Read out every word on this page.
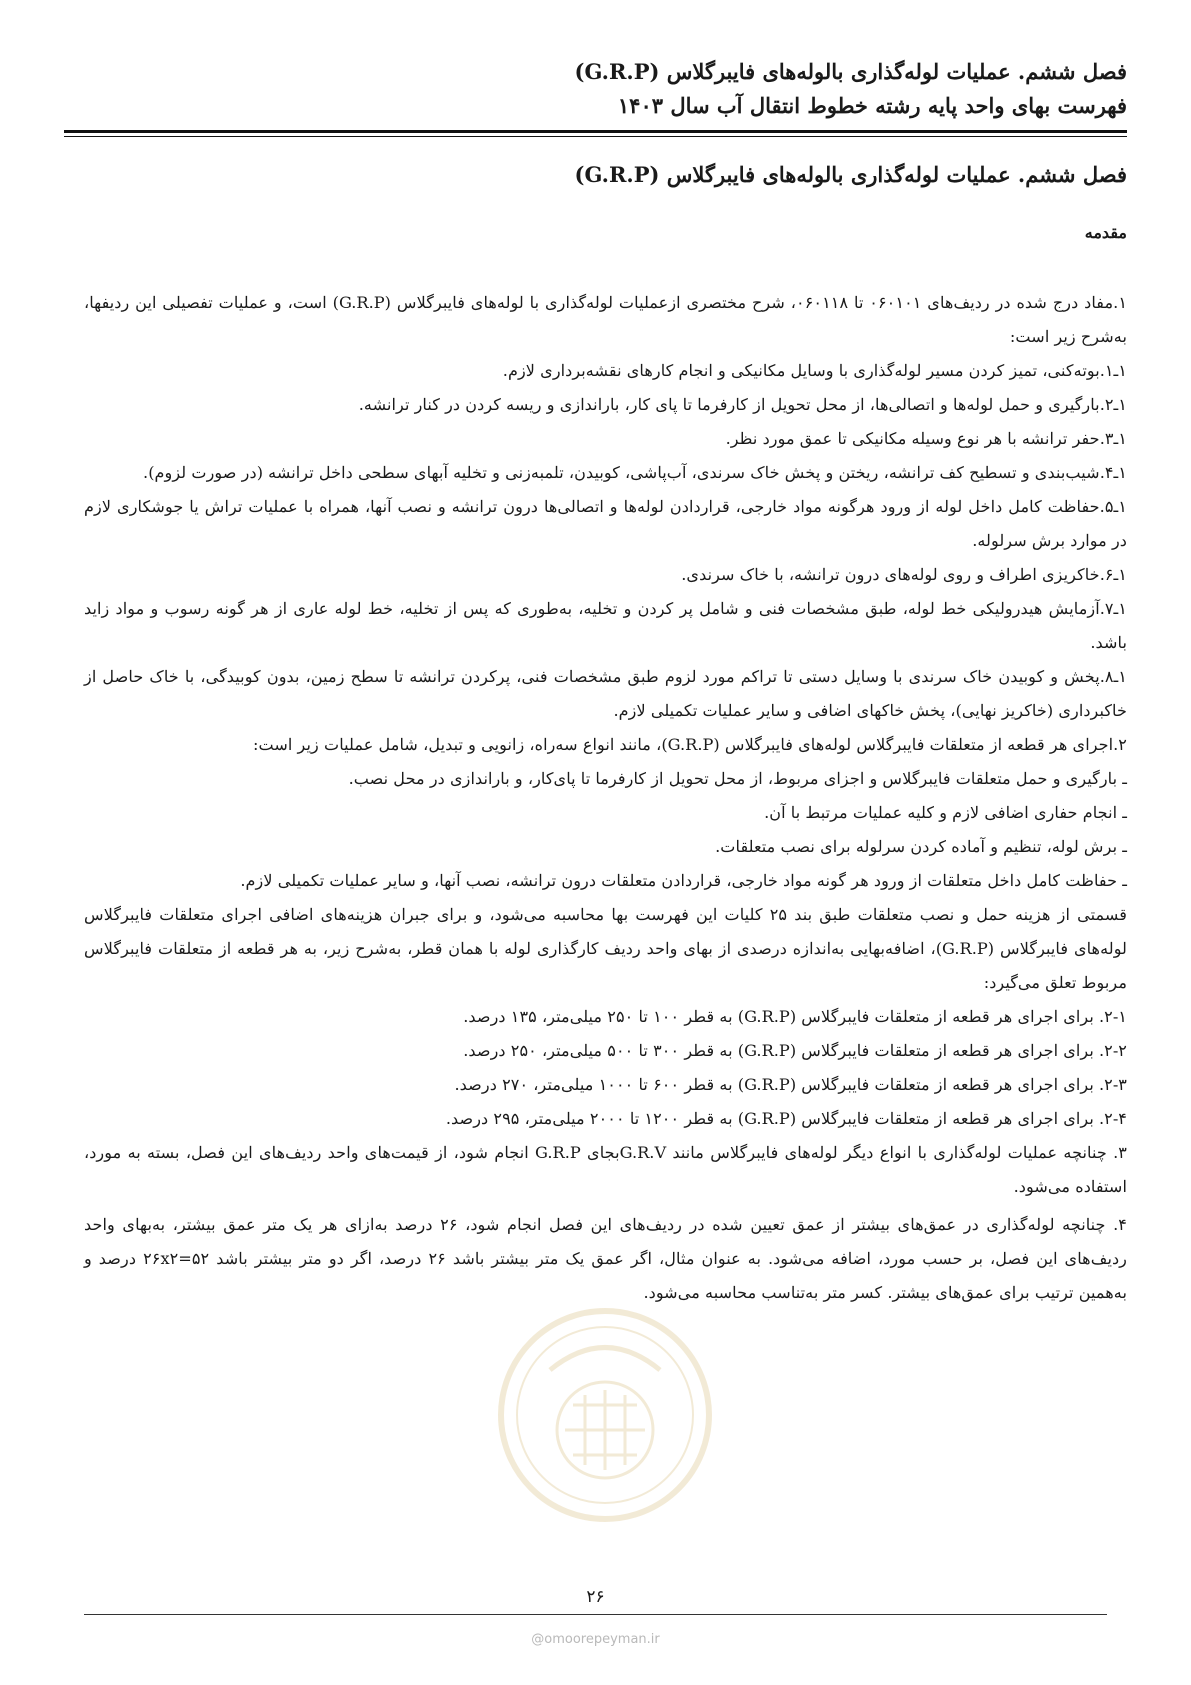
فصل ششم. عملیات لوله‌گذاری بالوله‌های فایبرگلاس (G.R.P)
فهرست بهای واحد پایه رشته خطوط انتقال آب سال ۱۴۰۳
فصل ششم. عملیات لوله‌گذاری بالوله‌های فایبرگلاس (G.R.P)
مقدمه

۱.مفاد درج شده در ردیف‌های ۰۶۰۱۰۱ تا ۰۶۰۱۱۸، شرح مختصری ازعملیات لوله‌گذاری با لوله‌های فایبرگلاس (G.R.P) است، و عملیات تفصیلی این ردیفها، به‌شرح زیر است:

۱ـ۱.بوته‌کنی، تمیز کردن مسیر لوله‌گذاری با وسایل مکانیکی و انجام کارهای نقشه‌برداری لازم.

۱ـ۲.بارگیری و حمل لوله‌ها و اتصالی‌ها، از محل تحویل از کارفرما تا پای کار، باراندازی و ریسه کردن در کنار ترانشه.

۱ـ۳.حفر ترانشه با هر نوع وسیله مکانیکی تا عمق مورد نظر.

۱ـ۴.شیب‌بندی و تسطیح کف ترانشه، ریختن و پخش خاک سرندی، آب‌پاشی، کوبیدن، تلمبه‌زنی و تخلیه آبهای سطحی داخل ترانشه (در صورت لزوم).

۱ـ۵.حفاظت کامل داخل لوله از ورود هرگونه مواد خارجی، قراردادن لوله‌ها و اتصالی‌ها درون ترانشه و نصب آنها، همراه با عملیات تراش یا جوشکاری لازم در موارد برش سرلوله.

۱ـ۶.خاکریزی اطراف و روی لوله‌های درون ترانشه، با خاک سرندی.

۱ـ۷.آزمایش هیدرولیکی خط لوله، طبق مشخصات فنی و شامل پر کردن و تخلیه، به‌طوری که پس از تخلیه، خط لوله عاری از هر گونه رسوب و مواد زاید باشد.

۱ـ۸.پخش و کوبیدن خاک سرندی با وسایل دستی تا تراکم مورد لزوم طبق مشخصات فنی، پرکردن ترانشه تا سطح زمین، بدون کوبیدگی، با خاک حاصل از خاکبرداری (خاکریز نهایی)، پخش خاکهای اضافی و سایر عملیات تکمیلی لازم.

۲.اجرای هر قطعه از متعلقات فایبرگلاس لوله‌های فایبرگلاس (G.R.P)، مانند انواع سه‌راه، زانویی و تبدیل، شامل عملیات زیر است:

ـ بارگیری و حمل متعلقات فایبرگلاس و اجزای مربوط، از محل تحویل از کارفرما تا پای‌کار، و باراندازی در محل نصب.

ـ انجام حفاری اضافی لازم و کلیه عملیات مرتبط با آن.

ـ برش لوله، تنظیم و آماده کردن سرلوله برای نصب متعلقات.

ـ حفاظت کامل داخل متعلقات از ورود هر گونه مواد خارجی، قراردادن متعلقات درون ترانشه، نصب آنها، و سایر عملیات تکمیلی لازم.

قسمتی از هزینه حمل و نصب متعلقات طبق بند ۲۵ کلیات این فهرست بها محاسبه می‌شود، و برای جبران هزینه‌های اضافی اجرای متعلقات فایبرگلاس لوله‌های فایبرگلاس (G.R.P)، اضافه‌بهایی به‌اندازه درصدی از بهای واحد ردیف کارگذاری لوله با همان قطر، به‌شرح زیر، به هر قطعه از متعلقات فایبرگلاس مربوط تعلق می‌گیرد:

۲-۱. برای اجرای هر قطعه از متعلقات فایبرگلاس (G.R.P) به قطر ۱۰۰ تا ۲۵۰ میلی‌متر، ۱۳۵ درصد.

۲-۲. برای اجرای هر قطعه از متعلقات فایبرگلاس (G.R.P) به قطر ۳۰۰ تا ۵۰۰ میلی‌متر، ۲۵۰ درصد.

۲-۳. برای اجرای هر قطعه از متعلقات فایبرگلاس (G.R.P) به قطر ۶۰۰ تا ۱۰۰۰ میلی‌متر، ۲۷۰ درصد.

۲-۴. برای اجرای هر قطعه از متعلقات فایبرگلاس (G.R.P) به قطر ۱۲۰۰ تا ۲۰۰۰ میلی‌متر، ۲۹۵ درصد.

۳. چنانچه عملیات لوله‌گذاری با انواع دیگر لوله‌های فایبرگلاس مانند G.R.Vبجای G.R.P انجام شود، از قیمت‌های واحد ردیف‌های این فصل، بسته به مورد، استفاده می‌شود.

۴. چنانچه لوله‌گذاری در عمق‌های بیشتر از عمق تعیین شده در ردیف‌های این فصل انجام شود، ۲۶ درصد به‌ازای هر یک متر عمق بیشتر، به‌بهای واحد ردیف‌های این فصل، بر حسب مورد، اضافه می‌شود. به عنوان مثال، اگر عمق یک متر بیشتر باشد ۲۶ درصد، اگر دو متر بیشتر باشد ۲۶x۲=۵۲ درصد و به‌همین ترتیب برای عمق‌های بیشتر. کسر متر به‌تناسب محاسبه می‌شود.

۲۶
@omoorepeyman.ir
